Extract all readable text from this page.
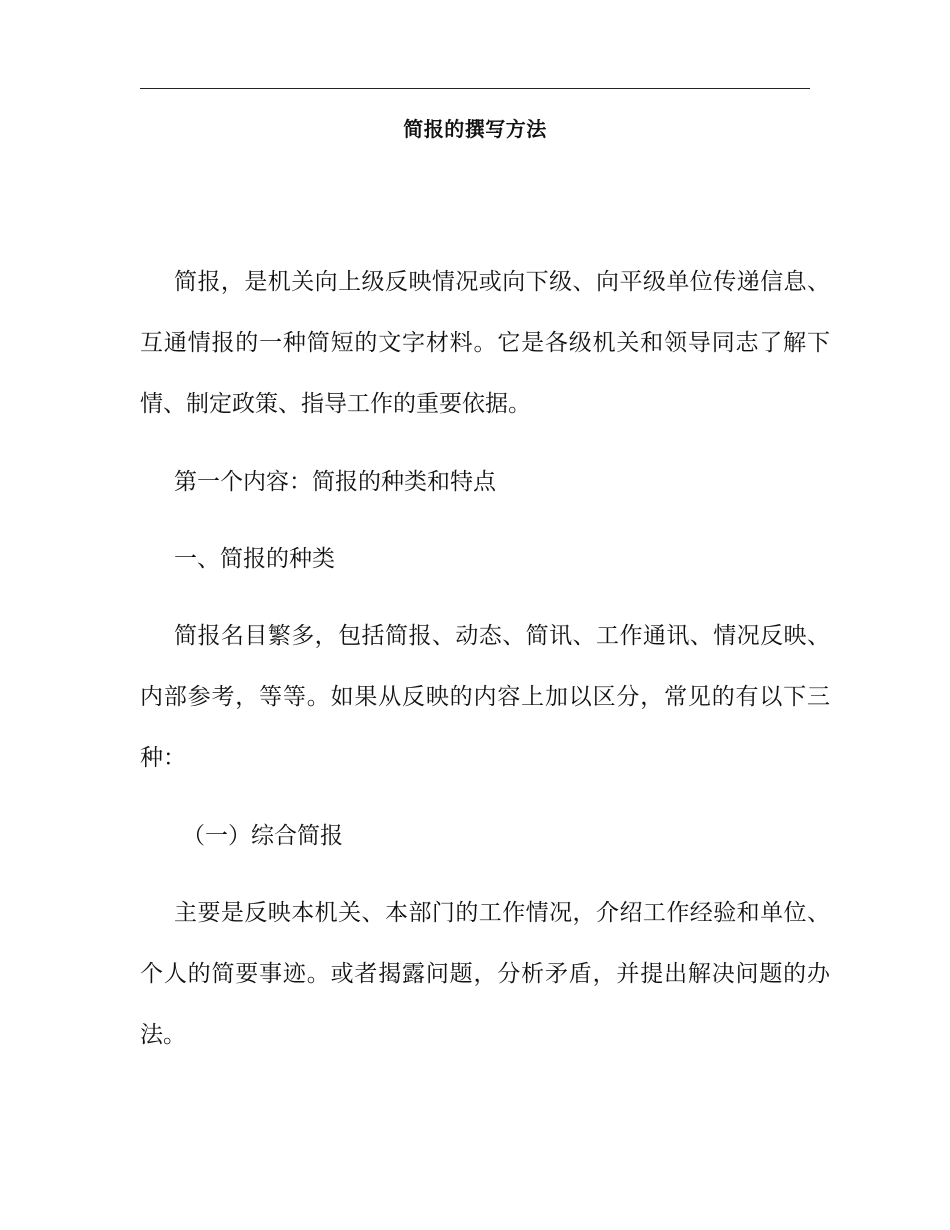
简报的撰写方法

简报，是机关向上级反映情况或向下级、向平级单位传递信息、互通情报的一种简短的文字材料。它是各级机关和领导同志了解下情、制定政策、指导工作的重要依据。

第一个内容：简报的种类和特点

一、简报的种类

简报名目繁多，包括简报、动态、简讯、工作通讯、情况反映、内部参考，等等。如果从反映的内容上加以区分，常见的有以下三种：

（一）综合简报

主要是反映本机关、本部门的工作情况，介绍工作经验和单位、个人的简要事迹。或者揭露问题，分析矛盾，并提出解决问题的办法。
